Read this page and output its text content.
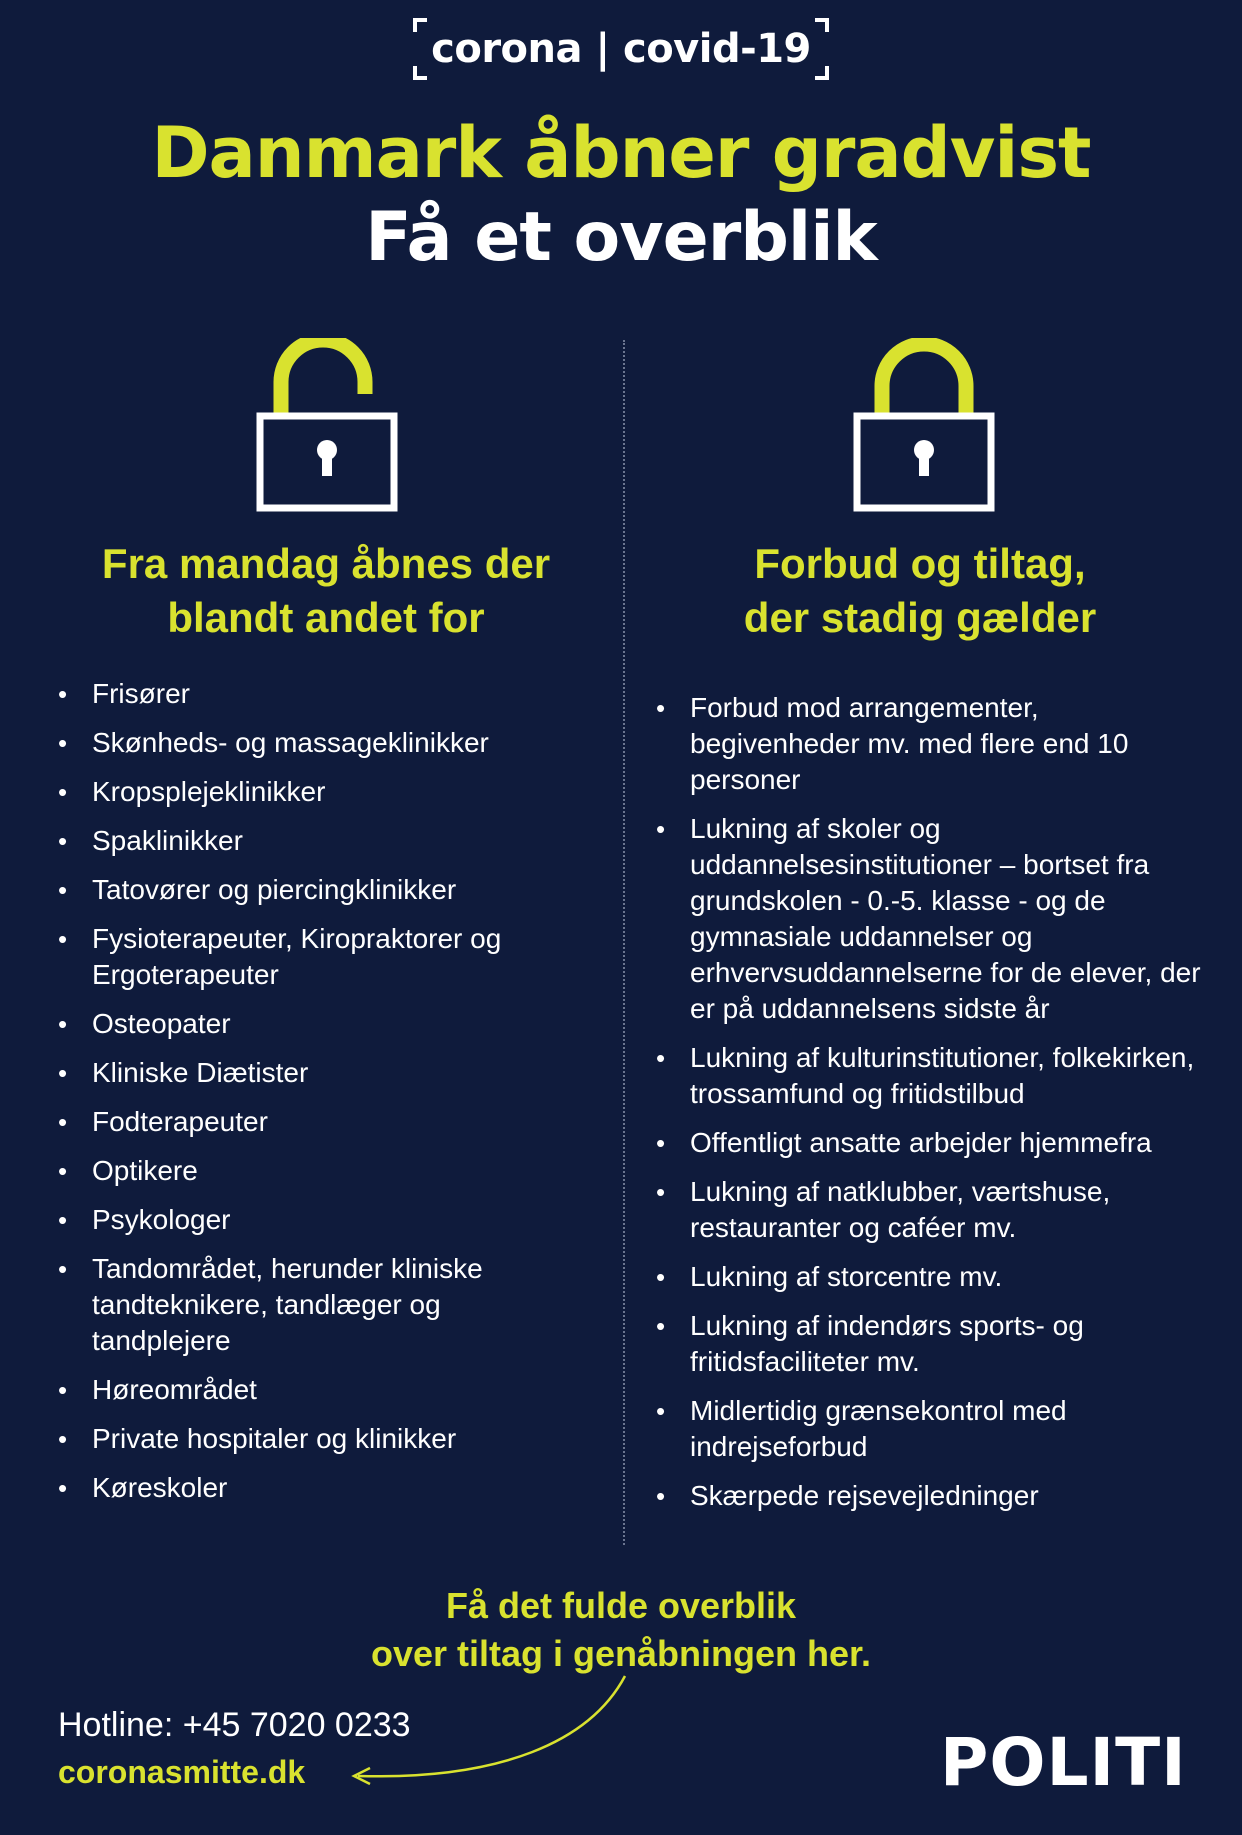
corona | covid-19
Danmark åbner gradvist
Få et overblik
Fra mandag åbnes der
blandt andet for
Forbud og tiltag,
der stadig gælder
• Frisører
• Skønheds- og massageklinikker
• Kropsplejeklinikker
• Spaklinikker
• Tatovører og piercingklinikker
• Fysioterapeuter, Kiropraktorer og Ergoterapeuter
• Osteopater
• Kliniske Diætister
• Fodterapeuter
• Optikere
• Psykologer
• Tandområdet, herunder kliniske tandteknikere, tandlæger og tandplejere
• Høreområdet
• Private hospitaler og klinikker
• Køreskoler
• Forbud mod arrangementer, begivenheder mv. med flere end 10 personer
• Lukning af skoler og uddannelsesinstitutioner – bortset fra grundskolen - 0.-5. klasse - og de gymnasiale uddannelser og erhvervsuddannelserne for de elever, der er på uddannelsens sidste år
• Lukning af kulturinstitutioner, folkekirken, trossamfund og fritidstilbud
• Offentligt ansatte arbejder hjemmefra
• Lukning af natklubber, værtshuse, restauranter og caféer mv.
• Lukning af storcentre mv.
• Lukning af indendørs sports- og fritidsfaciliteter mv.
• Midlertidig grænsekontrol med indrejseforbud
• Skærpede rejsevejledninger
Få det fulde overblik
over tiltag i genåbningen her.
Hotline: +45 7020 0233
coronasmitte.dk	POLITI
